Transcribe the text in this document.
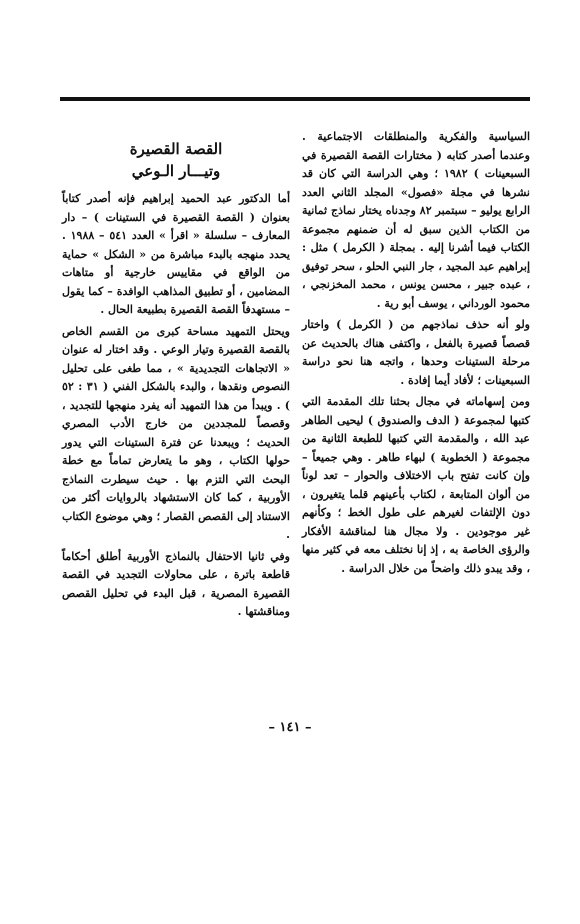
السياسية والفكرية والمنطلقات الاجتماعية . وعندما أصدر كتابه ( مختارات القصة القصيرة في السبعينات ) ١٩٨٢ ؛ وهي الدراسة التي كان قد نشرها في مجلة «فصول» المجلد الثاني العدد الرابع يوليو – سبتمبر ٨٢ وجدناه يختار نماذج ثمانية من الكتاب الذين سبق له أن ضمنهم مجموعة الكتاب فيما أشرنا إليه . بمجلة ( الكرمل ) مثل : إبراهيم عبد المجيد ، جار النبي الحلو ، سحر توفيق ، عبده جبير ، محسن يونس ، محمد المخزنجي ، محمود الورداني ، يوسف أبو رية .

ولو أنه حذف نماذجهم من ( الكرمل ) واختار قصصاً قصيرة بالفعل ، واكتفى هناك بالحديث عن مرحلة الستينات وحدها ، واتجه هنا نحو دراسة السبعينات ؛ لأفاد أيما إفادة .

ومن إسهاماته في مجال بحثنا تلك المقدمة التي كتبها لمجموعة ( الدف والصندوق ) ليحيى الطاهر عبد الله ، والمقدمة التي كتبها للطبعة الثانية من مجموعة ( الخطوبة ) لبهاء طاهر . وهي جميعاً – وإن كانت تفتح باب الاختلاف والحوار – تعد لوناً من ألوان المتابعة ، لكتاب بأعينهم قلما يتغيرون ، دون الإلتفات لغيرهم على طول الخط ؛ وكأنهم غير موجودين . ولا مجال هنا لمناقشة الأفكار والرؤى الخاصة به ، إذ إنا نختلف معه في كثير منها ، وقد يبدو ذلك واضحاً من خلال الدراسة .

القصة القصيرة
وتيـــار الـوعي

أما الدكتور عبد الحميد إبراهيم فإنه أصدر كتاباً بعنوان ( القصة القصيرة في الستينات ) – دار المعارف – سلسلة « اقرأ » العدد ٥٤١ – ١٩٨٨ . يحدد منهجه بالبدء مباشرة من « الشكل » حماية من الواقع في مقاييس خارجية أو متاهات المضامين ، أو تطبيق المذاهب الوافدة – كما يقول – مستهدفاً القصة القصيرة بطبيعة الحال .

ويحتل التمهيد مساحة كبرى من القسم الخاص بالقصة القصيرة وتيار الوعي . وقد اختار له عنوان « الاتجاهات التجديدية » ، مما طغى على تحليل النصوص ونقدها ، والبدء بالشكل الفني ( ٣١ : ٥٢ ) . ويبدأ من هذا التمهيد أنه يفرد منهجها للتجديد ، وقصصاً للمجددين من خارج الأدب المصري الحديث ؛ ويبعدنا عن فترة الستينات التي يدور حولها الكتاب ، وهو ما يتعارض تماماً مع خطة البحث التي التزم بها . حيث سيطرت النماذج الأوربية ، كما كان الاستشهاد بالروايات أكثر من الاستناد إلى القصص القصار ؛ وهي موضوع الكتاب .

وفي ثانيا الاحتفال بالنماذج الأوربية أطلق أحكاماً قاطعة باترة ، على محاولات التجديد في القصة القصيرة المصرية ، قبل البدء في تحليل القصص ومناقشتها .

– ١٤١ –
